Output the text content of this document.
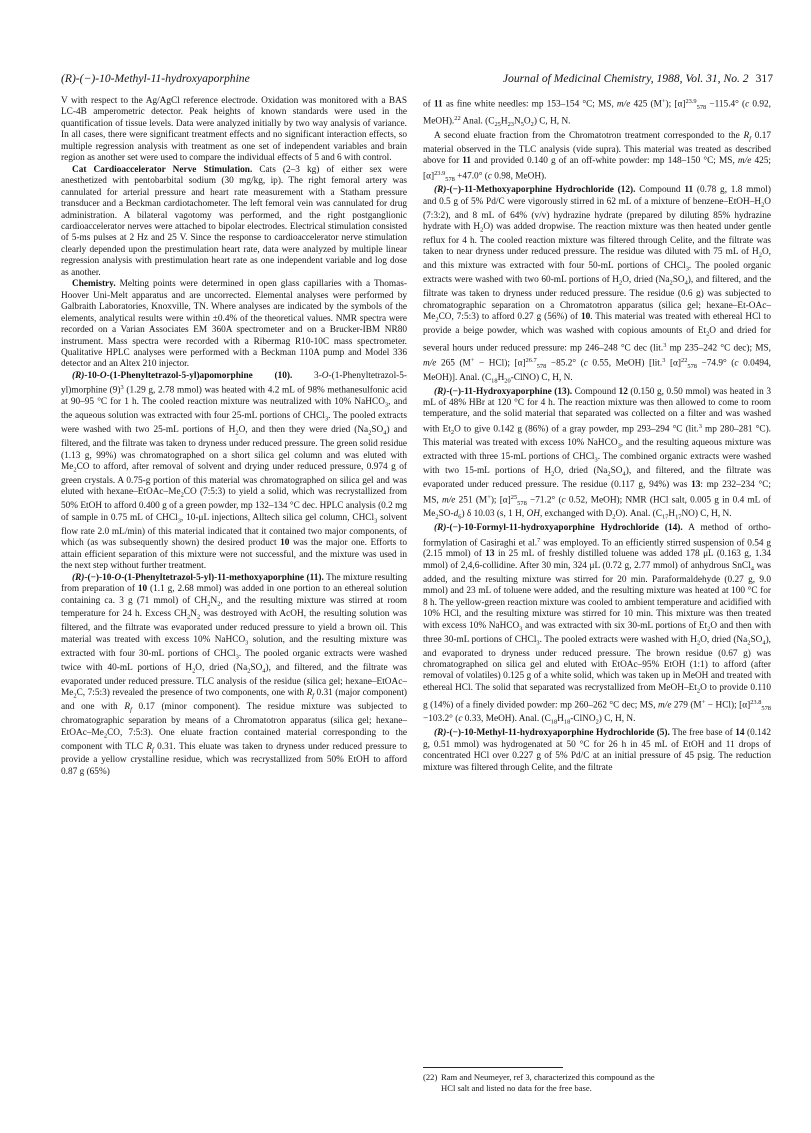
(R)-(−)-10-Methyl-11-hydroxyaporphine	Journal of Medicinal Chemistry, 1988, Vol. 31, No. 2 317

V with respect to the Ag/AgCl reference electrode. Oxidation was monitored with a BAS LC-4B amperometric detector. Peak heights of known standards were used in the quantification of tissue levels. Data were analyzed initially by two way analysis of variance. In all cases, there were significant treatment effects and no significant interaction effects, so multiple regression analysis with treatment as one set of independent variables and brain region as another set were used to compare the individual effects of 5 and 6 with control.

Cat Cardioaccelerator Nerve Stimulation. Cats (2–3 kg) of either sex were anesthetized with pentobarbital sodium (30 mg/kg, ip). The right femoral artery was cannulated for arterial pressure and heart rate measurement with a Statham pressure transducer and a Beckman cardiotachometer. The left femoral vein was cannulated for drug administration. A bilateral vagotomy was performed, and the right postganglionic cardioaccelerator nerves were attached to bipolar electrodes. Electrical stimulation consisted of 5-ms pulses at 2 Hz and 25 V. Since the response to cardioaccelerator nerve stimulation clearly depended upon the prestimulation heart rate, data were analyzed by multiple linear regression analysis with prestimulation heart rate as one independent variable and log dose as another.

Chemistry. Melting points were determined in open glass capillaries with a Thomas-Hoover Uni-Melt apparatus and are uncorrected. Elemental analyses were performed by Galbraith Laboratories, Knoxville, TN. Where analyses are indicated by the symbols of the elements, analytical results were within ±0.4% of the theoretical values. NMR spectra were recorded on a Varian Associates EM 360A spectrometer and on a Brucker-IBM NR80 instrument. Mass spectra were recorded with a Ribermag R10-10C mass spectrometer. Qualitative HPLC analyses were performed with a Beckman 110A pump and Model 336 detector and an Altex 210 injector.

(R)-10-O-(1-Phenyltetrazol-5-yl)apomorphine (10). 3-O-(1-Phenyltetrazol-5-yl)morphine $(9)^3$ (1.29 g, 2.78 mmol) was heated with 4.2 mL of 98% methanesulfonic acid at 90–95 °C for 1 h. The cooled reaction mixture was neutralized with 10% NaHCO$_3$, and the aqueous solution was extracted with four 25-mL portions of CHCl$_3$. The pooled extracts were washed with two 25-mL portions of $H_2O$, and then they were dried $(Na_2SO_4)$ and filtered, and the filtrate was taken to dryness under reduced pressure. The green solid residue (1.13 g, 99%) was chromatographed on a short silica gel column and was eluted with $Me_2CO$ to afford, after removal of solvent and drying under reduced pressure, 0.974 g of green crystals. A 0.75-g portion of this material was chromatographed on silica gel and was eluted with hexane–$EtOAc-Me_2CO$ (7:5:3) to yield a solid, which was recrystallized from 50% EtOH to afford 0.400 g of a green powder, mp 132–134 °C dec. HPLC analysis (0.2 mg of sample in 0.75 mL of CHCl$_3$, 10-μL injections, Alltech silica gel column, CHCl$_3$ solvent flow rate 2.0 mL/min) of this material indicated that it contained two major components, of which (as was subsequently shown) the desired product 10 was the major one. Efforts to attain efficient separation of this mixture were not successful, and the mixture was used in the next step without further treatment.

(R)-(−)-10-O-(1-Phenyltetrazol-5-yl)-11-methoxyaporphine (11). The mixture resulting from preparation of 10 (1.1 g, 2.68 mmol) was added in one portion to an ethereal solution containing ca. 3 g (71 mmol) of $CH_2N_2$, and the resulting mixture was stirred at room temperature for 24 h. Excess $CH_2N_2$ was destroyed with AcOH, the resulting solution was filtered, and the filtrate was evaporated under reduced pressure to yield a brown oil. This material was treated with excess 10% NaHCO$_3$ solution, and the resulting mixture was extracted with four 30-mL portions of CHCl$_3$. The pooled organic extracts were washed twice with 40-mL portions of $H_2O$, dried $(Na_2SO_4)$, and filtered, and the filtrate was evaporated under reduced pressure. TLC analysis of the residue (silica gel; hexane–$EtOAc-Me_2C$, 7:5:3) revealed the presence of two components, one with $R_f$ 0.31 (major component) and one with $R_f$ 0.17 (minor component). The residue mixture was subjected to chromatographic separation by means of a Chromatotron apparatus (silica gel; hexane–$EtOAc-Me_2CO$, 7:5:3). One eluate fraction contained material corresponding to the component with TLC $R_f$ 0.31. This eluate was taken to dryness under reduced pressure to provide a yellow crystalline residue, which was recrystallized from 50% EtOH to afford 0.87 g (65%)

of 11 as fine white needles: mp 153–154 °C; MS, m/e 425 (M+); $[\alpha]^{23.9}_{578} -115.4^\circ$ (c 0.92, MeOH).$^{22}$ Anal. $(C_{25}H_{23}N_5O_2)$ C, H, N.

A second eluate fraction from the Chromatotron treatment corresponded to the $R_f$ 0.17 material observed in the TLC analysis (vide supra). This material was treated as described above for 11 and provided 0.140 g of an off-white powder: mp 148–150 °C; MS, m/e 425; $[\alpha]^{23.9}_{578} +47.0^\circ$ (c 0.98, MeOH).

(R)-(−)-11-Methoxyaporphine Hydrochloride (12). Compound 11 (0.78 g, 1.8 mmol) and 0.5 g of 5% Pd/C were vigorously stirred in 62 mL of a mixture of benzene–$EtOH-H_2O$ (7:3:2), and 8 mL of 64% (v/v) hydrazine hydrate (prepared by diluting 85% hydrazine hydrate with $H_2O$) was added dropwise. The reaction mixture was then heated under gentle reflux for 4 h. The cooled reaction mixture was filtered through Celite, and the filtrate was taken to near dryness under reduced pressure. The residue was diluted with 75 mL of $H_2O$, and this mixture was extracted with four 50-mL portions of CHCl$_3$. The pooled organic extracts were washed with two 60-mL portions of $H_2O$, dried $(Na_2SO_4)$, and filtered, and the filtrate was taken to dryness under reduced pressure. The residue (0.6 g) was subjected to chromatographic separation on a Chromatotron apparatus (silica gel; hexane–$Et-OAc-Me_2CO$, 7:5:3) to afford 0.27 g (56%) of 10. This material was treated with ethereal HCl to provide a beige powder, which was washed with copious amounts of $Et_2O$ and dried for several hours under reduced pressure: mp 246–248 °C dec (lit.$^3$ mp 235–242 °C dec); MS, m/e 265 (M+ − HCl); $[\alpha]^{26.7}_{578} -85.2^\circ$ (c 0.55, MeOH) [lit.$^3$ $[\alpha]^{22}_{578} -74.9^\circ$ (c 0.0494, MeOH)]. Anal. $(C_{18}H_{20}-ClNO)$ C, H, N.

(R)-(−)-11-Hydroxyaporphine (13). Compound 12 (0.150 g, 0.50 mmol) was heated in 3 mL of 48% HBr at 120 °C for 4 h. The reaction mixture was then allowed to come to room temperature, and the solid material that separated was collected on a filter and was washed with $Et_2O$ to give 0.142 g (86%) of a gray powder, mp 293–294 °C (lit.$^3$ mp 280–281 °C). This material was treated with excess 10% NaHCO$_3$, and the resulting aqueous mixture was extracted with three 15-mL portions of CHCl$_3$. The combined organic extracts were washed with two 15-mL portions of $H_2O$, dried $(Na_2SO_4)$, and filtered, and the filtrate was evaporated under reduced pressure. The residue (0.117 g, 94%) was 13: mp 232–234 °C; MS, m/e 251 (M+); $[\alpha]^{25}_{578} -71.2^\circ$ (c 0.52, MeOH); NMR (HCl salt, 0.005 g in 0.4 mL of $Me_2SO-d_6$) δ 10.03 (s, 1 H, OH, exchanged with $D_2O$). Anal. $(C_{17}H_{17}NO)$ C, H, N.

(R)-(−)-10-Formyl-11-hydroxyaporphine Hydrochloride (14). A method of ortho-formylation of Casiraghi et al.$^7$ was employed. To an efficiently stirred suspension of 0.54 g (2.15 mmol) of 13 in 25 mL of freshly distilled toluene was added 178 μL (0.163 g, 1.34 mmol) of 2,4,6-collidine. After 30 min, 324 μL (0.72 g, 2.77 mmol) of anhydrous SnCl$_4$ was added, and the resulting mixture was stirred for 20 min. Paraformaldehyde (0.27 g, 9.0 mmol) and 23 mL of toluene were added, and the resulting mixture was heated at 100 °C for 8 h. The yellow-green reaction mixture was cooled to ambient temperature and acidified with 10% HCl, and the resulting mixture was stirred for 10 min. This mixture was then treated with excess 10% NaHCO$_3$ and was extracted with six 30-mL portions of $Et_2O$ and then with three 30-mL portions of CHCl$_3$. The pooled extracts were washed with $H_2O$, dried $(Na_2SO_4)$, and evaporated to dryness under reduced pressure. The brown residue (0.67 g) was chromatographed on silica gel and eluted with EtOAc–95% EtOH (1:1) to afford (after removal of volatiles) 0.125 g of a white solid, which was taken up in MeOH and treated with ethereal HCl. The solid that separated was recrystallized from MeOH–$Et_2O$ to provide 0.110 g (14%) of a finely divided powder: mp 260–262 °C dec; MS, m/e 279 (M+ − HCl); $[\alpha]^{23.8}_{578} -103.2^\circ$ (c 0.33, MeOH). Anal. $(C_{18}H_{18}-ClNO_2)$ C, H, N.

(R)-(−)-10-Methyl-11-hydroxyaporphine Hydrochloride (5). The free base of 14 (0.142 g, 0.51 mmol) was hydrogenated at 50 °C for 26 h in 45 mL of EtOH and 11 drops of concentrated HCl over 0.227 g of 5% Pd/C at an initial pressure of 45 psig. The reduction mixture was filtered through Celite, and the filtrate

(22) Ram and Neumeyer, ref 3, characterized this compound as the
HCl salt and listed no data for the free base.
